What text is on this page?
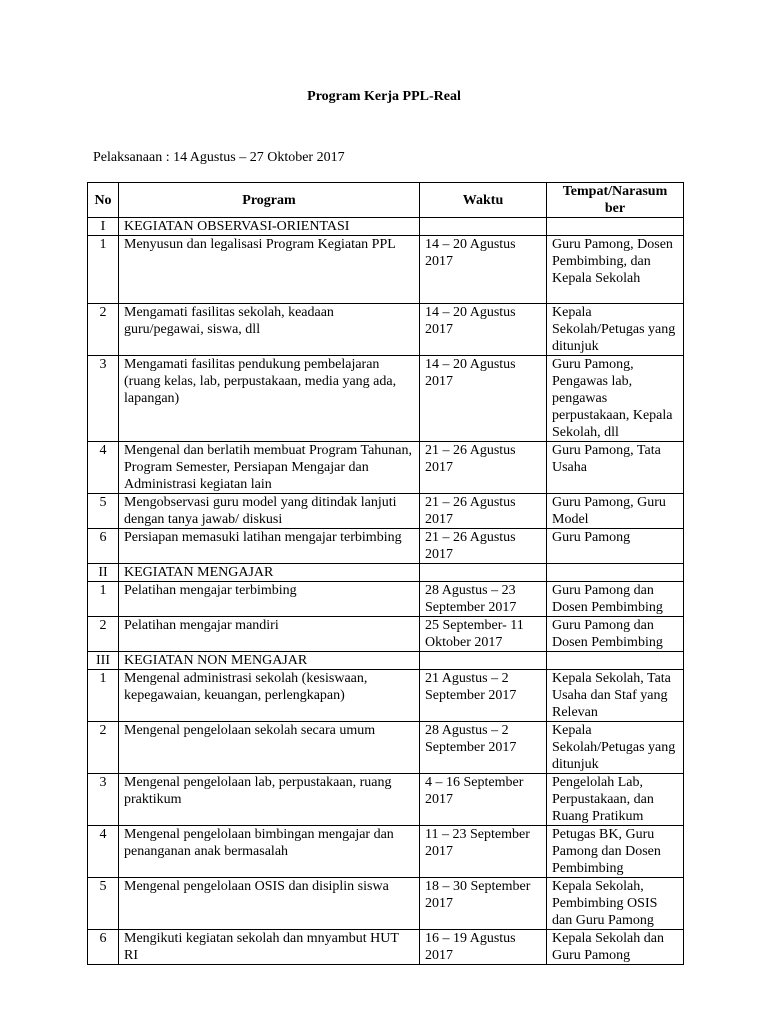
Program Kerja PPL-Real
Pelaksanaan : 14 Agustus – 27 Oktober 2017
No	Program	Waktu	Tempat/Narasum ber
I	KEGIATAN OBSERVASI-ORIENTASI		
1	Menyusun dan legalisasi Program Kegiatan PPL	14 – 20 Agustus 2017	Guru Pamong, Dosen Pembimbing, dan Kepala Sekolah
2	Mengamati fasilitas sekolah, keadaan guru/pegawai, siswa, dll	14 – 20 Agustus 2017	Kepala Sekolah/Petugas yang ditunjuk
3	Mengamati fasilitas pendukung pembelajaran (ruang kelas, lab, perpustakaan, media yang ada, lapangan)	14 – 20 Agustus 2017	Guru Pamong, Pengawas lab, pengawas perpustakaan, Kepala Sekolah, dll
4	Mengenal dan berlatih membuat Program Tahunan, Program Semester, Persiapan Mengajar dan Administrasi kegiatan lain	21 – 26 Agustus 2017	Guru Pamong, Tata Usaha
5	Mengobservasi guru model yang ditindak lanjuti dengan tanya jawab/ diskusi	21 – 26 Agustus 2017	Guru Pamong, Guru Model
6	Persiapan memasuki latihan mengajar terbimbing	21 – 26 Agustus 2017	Guru Pamong
II	KEGIATAN MENGAJAR		
1	Pelatihan mengajar terbimbing	28 Agustus – 23 September 2017	Guru Pamong dan Dosen Pembimbing
2	Pelatihan mengajar mandiri	25 September- 11 Oktober 2017	Guru Pamong dan Dosen Pembimbing
III	KEGIATAN NON MENGAJAR		
1	Mengenal administrasi sekolah (kesiswaan, kepegawaian, keuangan, perlengkapan)	21 Agustus – 2 September 2017	Kepala Sekolah, Tata Usaha dan Staf yang Relevan
2	Mengenal pengelolaan sekolah secara umum	28 Agustus – 2 September 2017	Kepala Sekolah/Petugas yang ditunjuk
3	Mengenal pengelolaan lab, perpustakaan, ruang praktikum	4 – 16 September 2017	Pengelolah Lab, Perpustakaan, dan Ruang Pratikum
4	Mengenal pengelolaan bimbingan mengajar dan penanganan anak bermasalah	11 – 23 September 2017	Petugas BK, Guru Pamong dan Dosen Pembimbing
5	Mengenal pengelolaan OSIS dan disiplin siswa	18 – 30 September 2017	Kepala Sekolah, Pembimbing OSIS dan Guru Pamong
6	Mengikuti kegiatan sekolah dan mnyambut HUT RI	16 – 19 Agustus 2017	Kepala Sekolah dan Guru Pamong
